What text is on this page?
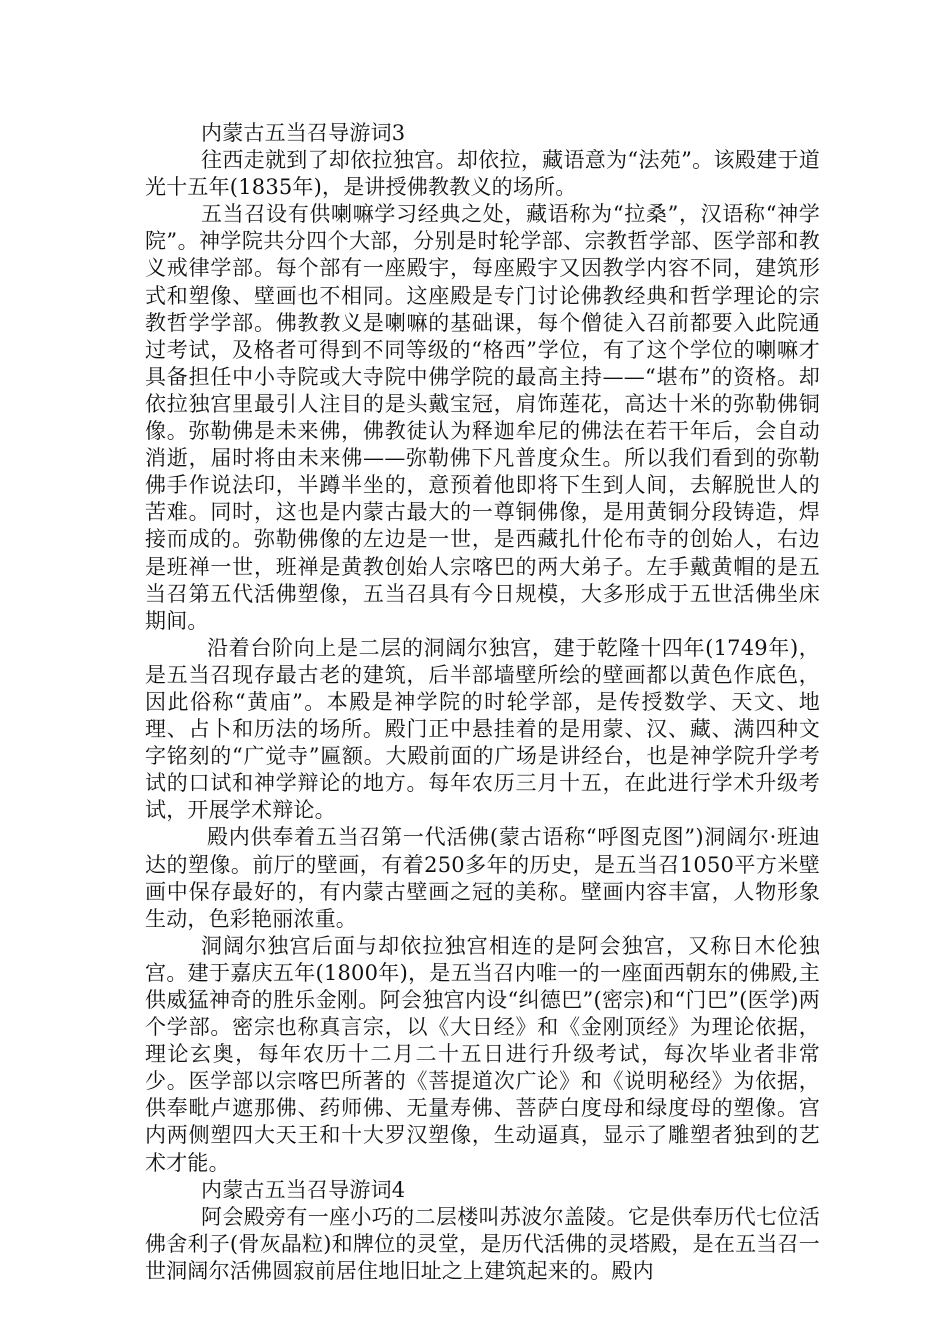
内蒙古五当召导游词3

往西走就到了却依拉独宫。却依拉，藏语意为“法苑”。该殿建于道光十五年(1835年)，是讲授佛教教义的场所。

五当召设有供喇嘛学习经典之处，藏语称为“拉桑”，汉语称“神学院”。神学院共分四个大部，分别是时轮学部、宗教哲学部、医学部和教义戒律学部。每个部有一座殿宇，每座殿宇又因教学内容不同，建筑形式和塑像、壁画也不相同。这座殿是专门讨论佛教经典和哲学理论的宗教哲学学部。佛教教义是喇嘛的基础课，每个僧徒入召前都要入此院通过考试，及格者可得到不同等级的“格西”学位，有了这个学位的喇嘛才具备担任中小寺院或大寺院中佛学院的最高主持——“堪布”的资格。却依拉独宫里最引人注目的是头戴宝冠，肩饰莲花，高达十米的弥勒佛铜像。弥勒佛是未来佛，佛教徒认为释迦牟尼的佛法在若干年后，会自动消逝，届时将由未来佛——弥勒佛下凡普度众生。所以我们看到的弥勒佛手作说法印，半蹲半坐的，意预着他即将下生到人间，去解脱世人的苦难。同时，这也是内蒙古最大的一尊铜佛像，是用黄铜分段铸造，焊接而成的。弥勒佛像的左边是一世，是西藏扎什伦布寺的创始人，右边是班禅一世，班禅是黄教创始人宗喀巴的两大弟子。左手戴黄帽的是五当召第五代活佛塑像，五当召具有今日规模，大多形成于五世活佛坐床期间。

沿着台阶向上是二层的洞阔尔独宫，建于乾隆十四年(1749年)，是五当召现存最古老的建筑，后半部墙壁所绘的壁画都以黄色作底色，因此俗称“黄庙”。本殿是神学院的时轮学部，是传授数学、天文、地理、占卜和历法的场所。殿门正中悬挂着的是用蒙、汉、藏、满四种文字铭刻的“广觉寺”匾额。大殿前面的广场是讲经台，也是神学院升学考试的口试和神学辩论的地方。每年农历三月十五，在此进行学术升级考试，开展学术辩论。

殿内供奉着五当召第一代活佛(蒙古语称“呼图克图”)洞阔尔·班迪达的塑像。前厅的壁画，有着250多年的历史，是五当召1050平方米壁画中保存最好的，有内蒙古壁画之冠的美称。壁画内容丰富，人物形象生动，色彩艳丽浓重。

洞阔尔独宫后面与却依拉独宫相连的是阿会独宫，又称日木伦独宫。建于嘉庆五年(1800年)，是五当召内唯一的一座面西朝东的佛殿,主供威猛神奇的胜乐金刚。阿会独宫内设“纠德巴”(密宗)和“门巴”(医学)两个学部。密宗也称真言宗，以《大日经》和《金刚顶经》为理论依据，理论玄奥，每年农历十二月二十五日进行升级考试，每次毕业者非常少。医学部以宗喀巴所著的《菩提道次广论》和《说明秘经》为依据，供奉毗卢遮那佛、药师佛、无量寿佛、菩萨白度母和绿度母的塑像。宫内两侧塑四大天王和十大罗汉塑像，生动逼真，显示了雕塑者独到的艺术才能。

内蒙古五当召导游词4

阿会殿旁有一座小巧的二层楼叫苏波尔盖陵。它是供奉历代七位活佛舍利子(骨灰晶粒)和牌位的灵堂，是历代活佛的灵塔殿，是在五当召一世洞阔尔活佛圆寂前居住地旧址之上建筑起来的。殿内
